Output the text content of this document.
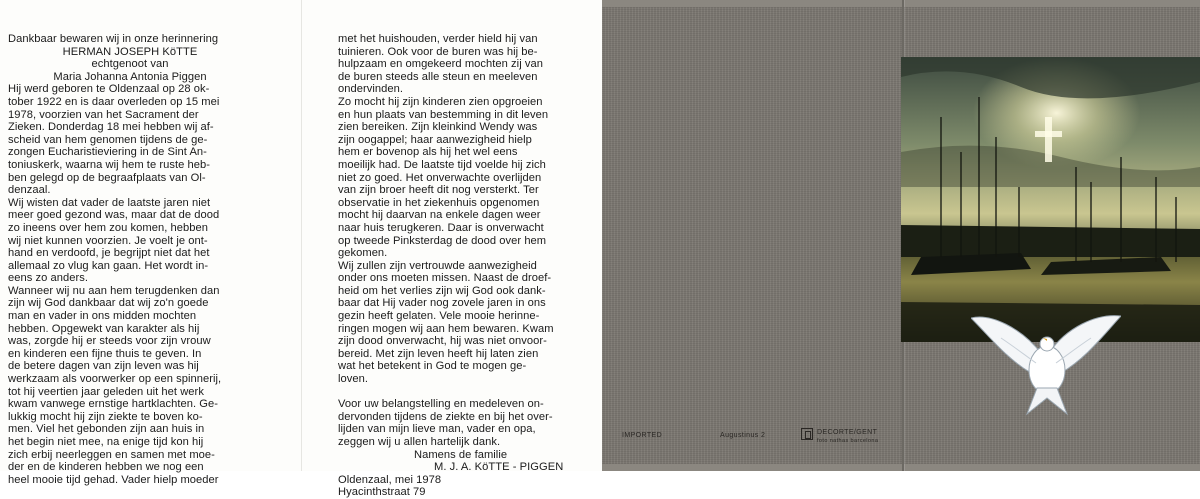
Dankbaar bewaren wij in onze herinnering

HERMAN JOSEPH KöTTE

echtgenoot van

Maria Johanna Antonia Piggen

Hij werd geboren te Oldenzaal op 28 ok-

tober 1922 en is daar overleden op 15 mei

1978, voorzien van het Sacrament der

Zieken. Donderdag 18 mei hebben wij af-

scheid van hem genomen tijdens de ge-

zongen Eucharistieviering in de Sint An-

toniuskerk, waarna wij hem te ruste heb-

ben gelegd op de begraafplaats van Ol-

denzaal.

Wij wisten dat vader de laatste jaren niet

meer goed gezond was, maar dat de dood

zo ineens over hem zou komen, hebben

wij niet kunnen voorzien. Je voelt je ont-

hand en verdoofd, je begrijpt niet dat het

allemaal zo vlug kan gaan. Het wordt in-

eens zo anders.

Wanneer wij nu aan hem terugdenken dan

zijn wij God dankbaar dat wij zo'n goede

man en vader in ons midden mochten

hebben. Opgewekt van karakter als hij

was, zorgde hij er steeds voor zijn vrouw

en kinderen een fijne thuis te geven. In

de betere dagen van zijn leven was hij

werkzaam als voorwerker op een spinnerij,

tot hij veertien jaar geleden uit het werk

kwam vanwege ernstige hartklachten. Ge-

lukkig mocht hij zijn ziekte te boven ko-

men. Viel het gebonden zijn aan huis in

het begin niet mee, na enige tijd kon hij

zich erbij neerleggen en samen met moe-

der en de kinderen hebben we nog een

heel mooie tijd gehad. Vader hielp moeder

met het huishouden, verder hield hij van

tuinieren. Ook voor de buren was hij be-

hulpzaam en omgekeerd mochten zij van

de buren steeds alle steun en meeleven

ondervinden.

Zo mocht hij zijn kinderen zien opgroeien

en hun plaats van bestemming in dit leven

zien bereiken. Zijn kleinkind Wendy was

zijn oogappel; haar aanwezigheid hielp

hem er bovenop als hij het wel eens

moeilijk had. De laatste tijd voelde hij zich

niet zo goed. Het onverwachte overlijden

van zijn broer heeft dit nog versterkt. Ter

observatie in het ziekenhuis opgenomen

mocht hij daarvan na enkele dagen weer

naar huis terugkeren. Daar is onverwacht

op tweede Pinksterdag de dood over hem

gekomen.

Wij zullen zijn vertrouwde aanwezigheid

onder ons moeten missen. Naast de droef-

heid om het verlies zijn wij God ook dank-

baar dat Hij vader nog zovele jaren in ons

gezin heeft gelaten. Vele mooie herinne-

ringen mogen wij aan hem bewaren. Kwam

zijn dood onverwacht, hij was niet onvoor-

bereid. Met zijn leven heeft hij laten zien

wat het betekent in God te mogen ge-

loven.

Voor uw belangstelling en medeleven on-

dervonden tijdens de ziekte en bij het over-

lijden van mijn lieve man, vader en opa,

zeggen wij u allen hartelijk dank.

Namens de familie

M. J. A. KöTTE - PIGGEN

Oldenzaal, mei 1978

Hyacinthstraat 79

IMPORTED	Augustinus 2	DECORTE/GENT
foto nathas barcelona
